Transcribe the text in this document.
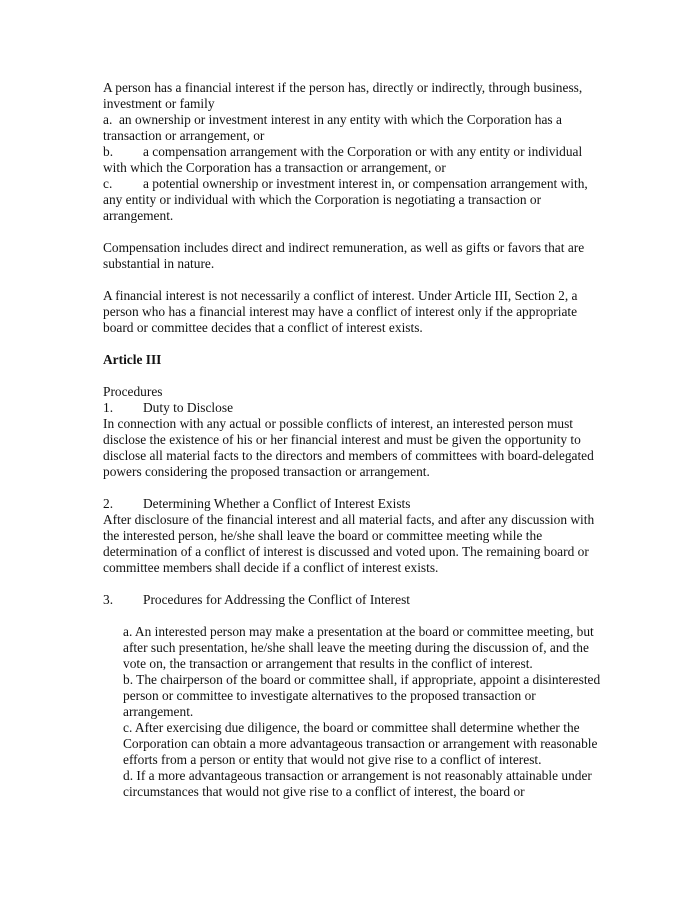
A person has a financial interest if the person has, directly or indirectly, through business, investment or family

a.  an ownership or investment interest in any entity with which the Corporation has a transaction or arrangement, or

b. a compensation arrangement with the Corporation or with any entity or individual with which the Corporation has a transaction or arrangement, or

c. a potential ownership or investment interest in, or compensation arrangement with, any entity or individual with which the Corporation is negotiating a transaction or arrangement.

Compensation includes direct and indirect remuneration, as well as gifts or favors that are substantial in nature.

A financial interest is not necessarily a conflict of interest. Under Article III, Section 2, a person who has a financial interest may have a conflict of interest only if the appropriate board or committee decides that a conflict of interest exists.

Article III

Procedures

1. Duty to Disclose

In connection with any actual or possible conflicts of interest, an interested person must disclose the existence of his or her financial interest and must be given the opportunity to disclose all material facts to the directors and members of committees with board-delegated powers considering the proposed transaction or arrangement.

2. Determining Whether a Conflict of Interest Exists

After disclosure of the financial interest and all material facts, and after any discussion with the interested person, he/she shall leave the board or committee meeting while the determination of a conflict of interest is discussed and voted upon. The remaining board or committee members shall decide if a conflict of interest exists.

3. Procedures for Addressing the Conflict of Interest

a. An interested person may make a presentation at the board or committee meeting, but after such presentation, he/she shall leave the meeting during the discussion of, and the vote on, the transaction or arrangement that results in the conflict of interest.

b. The chairperson of the board or committee shall, if appropriate, appoint a disinterested person or committee to investigate alternatives to the proposed transaction or arrangement.

c. After exercising due diligence, the board or committee shall determine whether the Corporation can obtain a more advantageous transaction or arrangement with reasonable efforts from a person or entity that would not give rise to a conflict of interest.

d. If a more advantageous transaction or arrangement is not reasonably attainable under circumstances that would not give rise to a conflict of interest, the board or
